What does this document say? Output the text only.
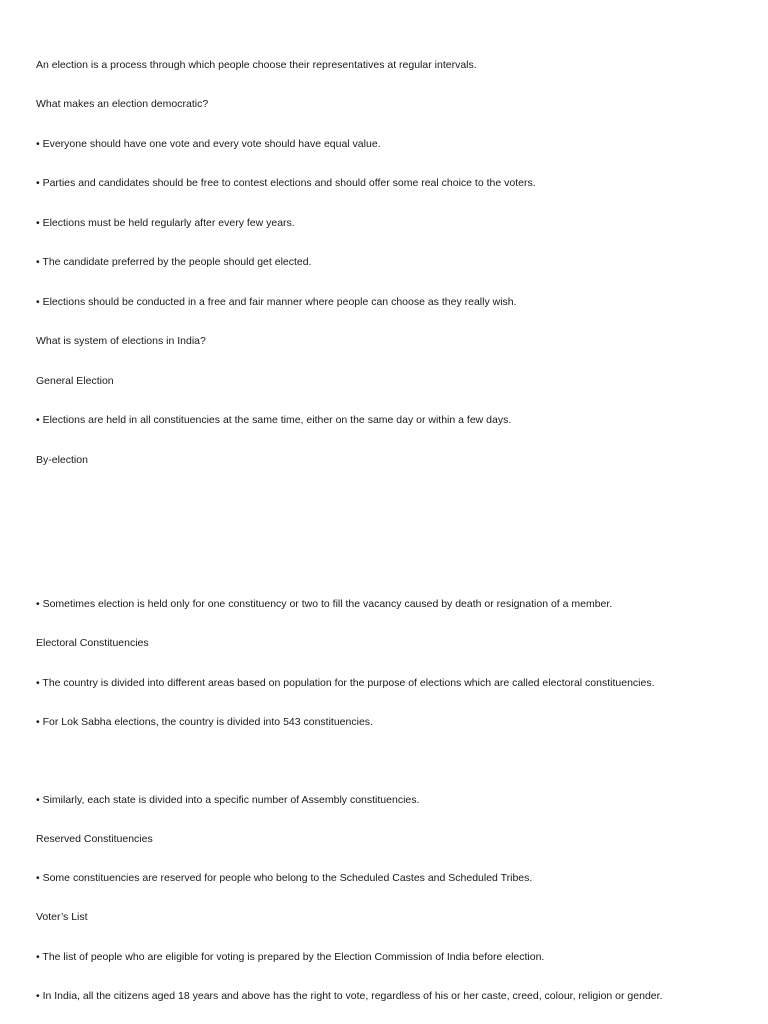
An election is a process through which people choose their representatives at regular intervals.
What makes an election democratic?
• Everyone should have one vote and every vote should have equal value.
• Parties and candidates should be free to contest elections and should offer some real choice to the voters.
• Elections must be held regularly after every few years.
• The candidate preferred by the people should get elected.
• Elections should be conducted in a free and fair manner where people can choose as they really wish.
What is system of elections in India?
General Election
• Elections are held in all constituencies at the same time, either on the same day or within a few days.
By-election
• Sometimes election is held only for one constituency or two to fill the vacancy caused by death or resignation of a member.
Electoral Constituencies
• The country is divided into different areas based on population for the purpose of elections which are called electoral constituencies.
• For Lok Sabha elections, the country is divided into 543 constituencies.
• Similarly, each state is divided into a specific number of Assembly constituencies.
Reserved Constituencies
• Some constituencies are reserved for people who belong to the Scheduled Castes and Scheduled Tribes.
Voter’s List
• The list of people who are eligible for voting is prepared by the Election Commission of India before election.
• In India, all the citizens aged 18 years and above has the right to vote, regardless of his or her caste, creed, colour, religion or gender.
